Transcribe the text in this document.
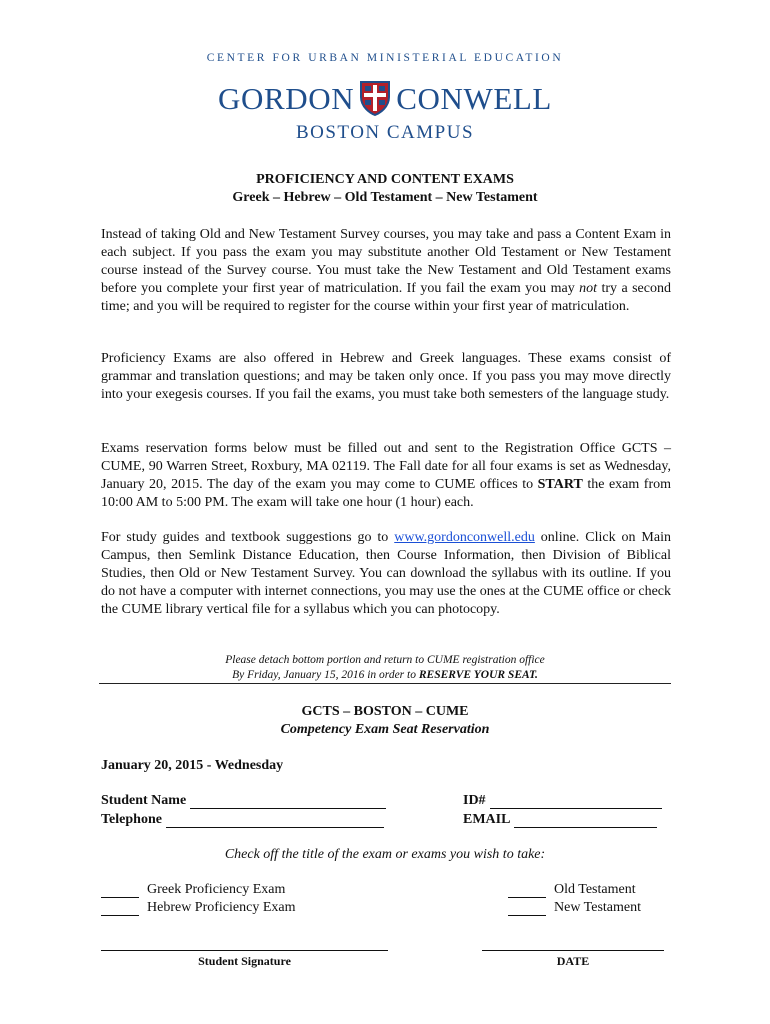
CENTER FOR URBAN MINISTERIAL EDUCATION
GORDON CONWELL
BOSTON CAMPUS
PROFICIENCY AND CONTENT EXAMS
Greek – Hebrew – Old Testament – New Testament

Instead of taking Old and New Testament Survey courses, you may take and pass a Content Exam in each subject. If you pass the exam you may substitute another Old Testament or New Testament course instead of the Survey course. You must take the New Testament and Old Testament exams before you complete your first year of matriculation. If you fail the exam you may not try a second time; and you will be required to register for the course within your first year of matriculation.

Proficiency Exams are also offered in Hebrew and Greek languages. These exams consist of grammar and translation questions; and may be taken only once. If you pass you may move directly into your exegesis courses. If you fail the exams, you must take both semesters of the language study.

Exams reservation forms below must be filled out and sent to the Registration Office GCTS – CUME, 90 Warren Street, Roxbury, MA 02119. The Fall date for all four exams is set as Wednesday, January 20, 2015. The day of the exam you may come to CUME offices to START the exam from 10:00 AM to 5:00 PM. The exam will take one hour (1 hour) each.

For study guides and textbook suggestions go to www.gordonconwell.edu online. Click on Main Campus, then Semlink Distance Education, then Course Information, then Division of Biblical Studies, then Old or New Testament Survey. You can download the syllabus with its outline. If you do not have a computer with internet connections, you may use the ones at the CUME office or check the CUME library vertical file for a syllabus which you can photocopy.

Please detach bottom portion and return to CUME registration office
By Friday, January 15, 2016 in order to RESERVE YOUR SEAT.
GCTS – BOSTON – CUME
Competency Exam Seat Reservation
January 20, 2015 - Wednesday
Student Name
Telephone
ID#
EMAIL
Check off the title of the exam or exams you wish to take:
Greek Proficiency Exam
Hebrew Proficiency Exam
Old Testament
New Testament
Student Signature	DATE
